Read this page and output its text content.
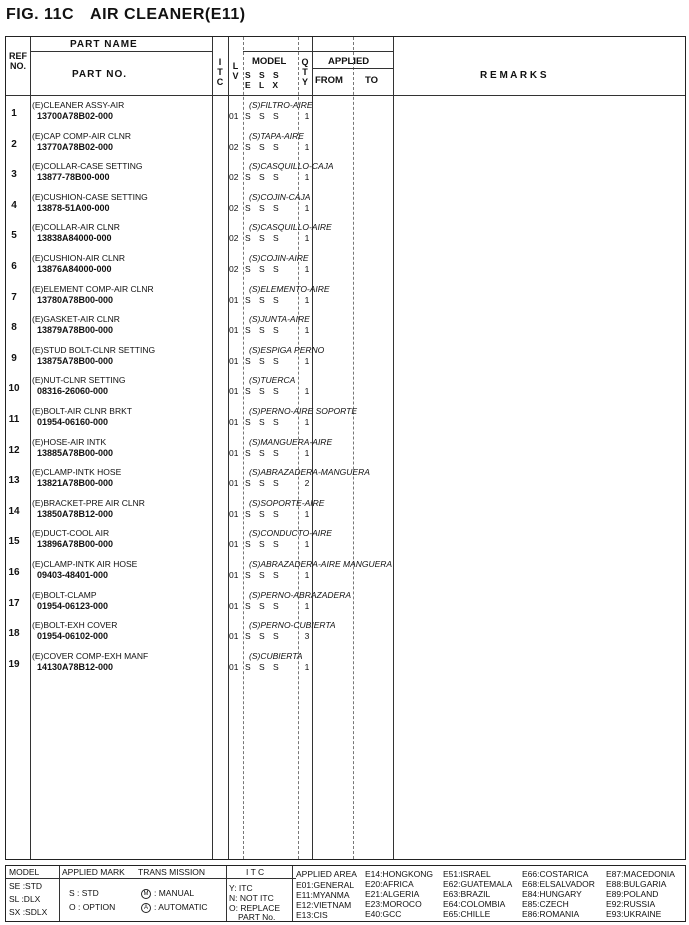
FIG. 11C AIR CLEANER(E11)
REF
NO.
PART NAME
PART NO.
I
T
C
L
V
MODEL
S S S
E L X
Q
T
Y
APPLIED
FROM TO	R E M A R K S
1
(E)CLEANER ASSY-AIR
13700A78B02-000	01 S S S	1
(S)FILTRO-AIRE
2
(E)CAP COMP-AIR CLNR
13770A78B02-000	02 S S S	1
(S)TAPA-AIRE
3
(E)COLLAR-CASE SETTING
13877-78B00-000	02 S S S	1
(S)CASQUILLO-CAJA
4
(E)CUSHION-CASE SETTING
13878-51A00-000	02 S S S	1
(S)COJIN-CAJA
5
(E)COLLAR-AIR CLNR
13838A84000-000	02 S S S	1
(S)CASQUILLO-AIRE
6
(E)CUSHION-AIR CLNR
13876A84000-000	02 S S S	1
(S)COJIN-AIRE
7
(E)ELEMENT COMP-AIR CLNR
13780A78B00-000	01 S S S	1
(S)ELEMENTO-AIRE
8
(E)GASKET-AIR CLNR
13879A78B00-000	01 S S S	1
(S)JUNTA-AIRE
9
(E)STUD BOLT-CLNR SETTING
13875A78B00-000	01 S S S	1
(S)ESPIGA PERNO
10
(E)NUT-CLNR SETTING
08316-26060-000	01 S S S	1
(S)TUERCA
11
(E)BOLT-AIR CLNR BRKT
01954-06160-000	01 S S S	1
(S)PERNO-AIRE SOPORTE
12
(E)HOSE-AIR INTK
13885A78B00-000	01 S S S	1
(S)MANGUERA-AIRE
13
(E)CLAMP-INTK HOSE
13821A78B00-000	01 S S S	2
(S)ABRAZADERA-MANGUERA
14
(E)BRACKET-PRE AIR CLNR
13850A78B12-000	01 S S S	1
(S)SOPORTE-AIRE
15
(E)DUCT-COOL AIR
13896A78B00-000	01 S S S	1
(S)CONDUCTO-AIRE
16
(E)CLAMP-INTK AIR HOSE
09403-48401-000	01 S S S	1
(S)ABRAZADERA-AIRE MANGUERA
17
(E)BOLT-CLAMP
01954-06123-000	01 S S S	1
(S)PERNO-ABRAZADERA
18
(E)BOLT-EXH COVER
01954-06102-000	01 S S S	3
(S)PERNO-CUBIERTA
19
(E)COVER COMP-EXH MANF
14130A78B12-000	01 S S S	1
(S)CUBIERTA
MODEL
SE :STD
SL :DLX
SX :SDLX
APPLIED MARK
S : STD
O : OPTION
TRANS MISSION
M : MANUAL
A : AUTOMATIC
I T C
Y: ITC
N: NOT ITC
O: REPLACE
PART No.
APPLIED AREA
E01:GENERAL
E11:MYANMA
E12:VIETNAM
E13:CIS
E14:HONGKONG
E20:AFRICA
E21:ALGERIA
E23:MOROCO
E40:GCC
E51:ISRAEL
E62:GUATEMALA
E63:BRAZIL
E64:COLOMBIA
E65:CHILLE
E66:COSTARICA
E68:ELSALVADOR
E84:HUNGARY
E85:CZECH
E86:ROMANIA
E87:MACEDONIA
E88:BULGARIA
E89:POLAND
E92:RUSSIA
E93:UKRAINE
